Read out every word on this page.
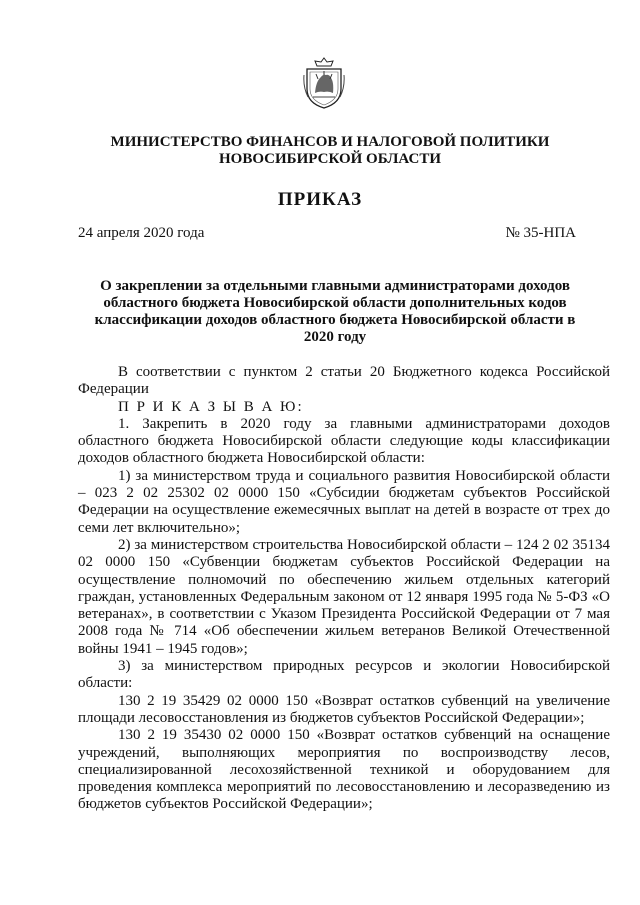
МИНИСТЕРСТВО ФИНАНСОВ И НАЛОГОВОЙ ПОЛИТИКИ
НОВОСИБИРСКОЙ ОБЛАСТИ
ПРИКАЗ
24 апреля 2020 года	№ 35-НПА

О закреплении за отдельными главными администраторами доходов областного бюджета Новосибирской области дополнительных кодов классификации доходов областного бюджета Новосибирской области в 2020 году

В соответствии с пунктом 2 статьи 20 Бюджетного кодекса Российской Федерации

П Р И К А З Ы В А Ю:

1. Закрепить в 2020 году за главными администраторами доходов областного бюджета Новосибирской области следующие коды классификации доходов областного бюджета Новосибирской области:

1) за министерством труда и социального развития Новосибирской области – 023 2 02 25302 02 0000 150 «Субсидии бюджетам субъектов Российской Федерации на осуществление ежемесячных выплат на детей в возрасте от трех до семи лет включительно»;

2) за министерством строительства Новосибирской области – 124 2 02 35134 02 0000 150 «Субвенции бюджетам субъектов Российской Федерации на осуществление полномочий по обеспечению жильем отдельных категорий граждан, установленных Федеральным законом от 12 января 1995 года № 5-ФЗ «О ветеранах», в соответствии с Указом Президента Российской Федерации от 7 мая 2008 года № 714 «Об обеспечении жильем ветеранов Великой Отечественной войны 1941 – 1945 годов»;

3) за министерством природных ресурсов и экологии Новосибирской области:

130 2 19 35429 02 0000 150 «Возврат остатков субвенций на увеличение площади лесовосстановления из бюджетов субъектов Российской Федерации»;

130 2 19 35430 02 0000 150 «Возврат остатков субвенций на оснащение учреждений, выполняющих мероприятия по воспроизводству лесов, специализированной лесохозяйственной техникой и оборудованием для проведения комплекса мероприятий по лесовосстановлению и лесоразведению из бюджетов субъектов Российской Федерации»;
